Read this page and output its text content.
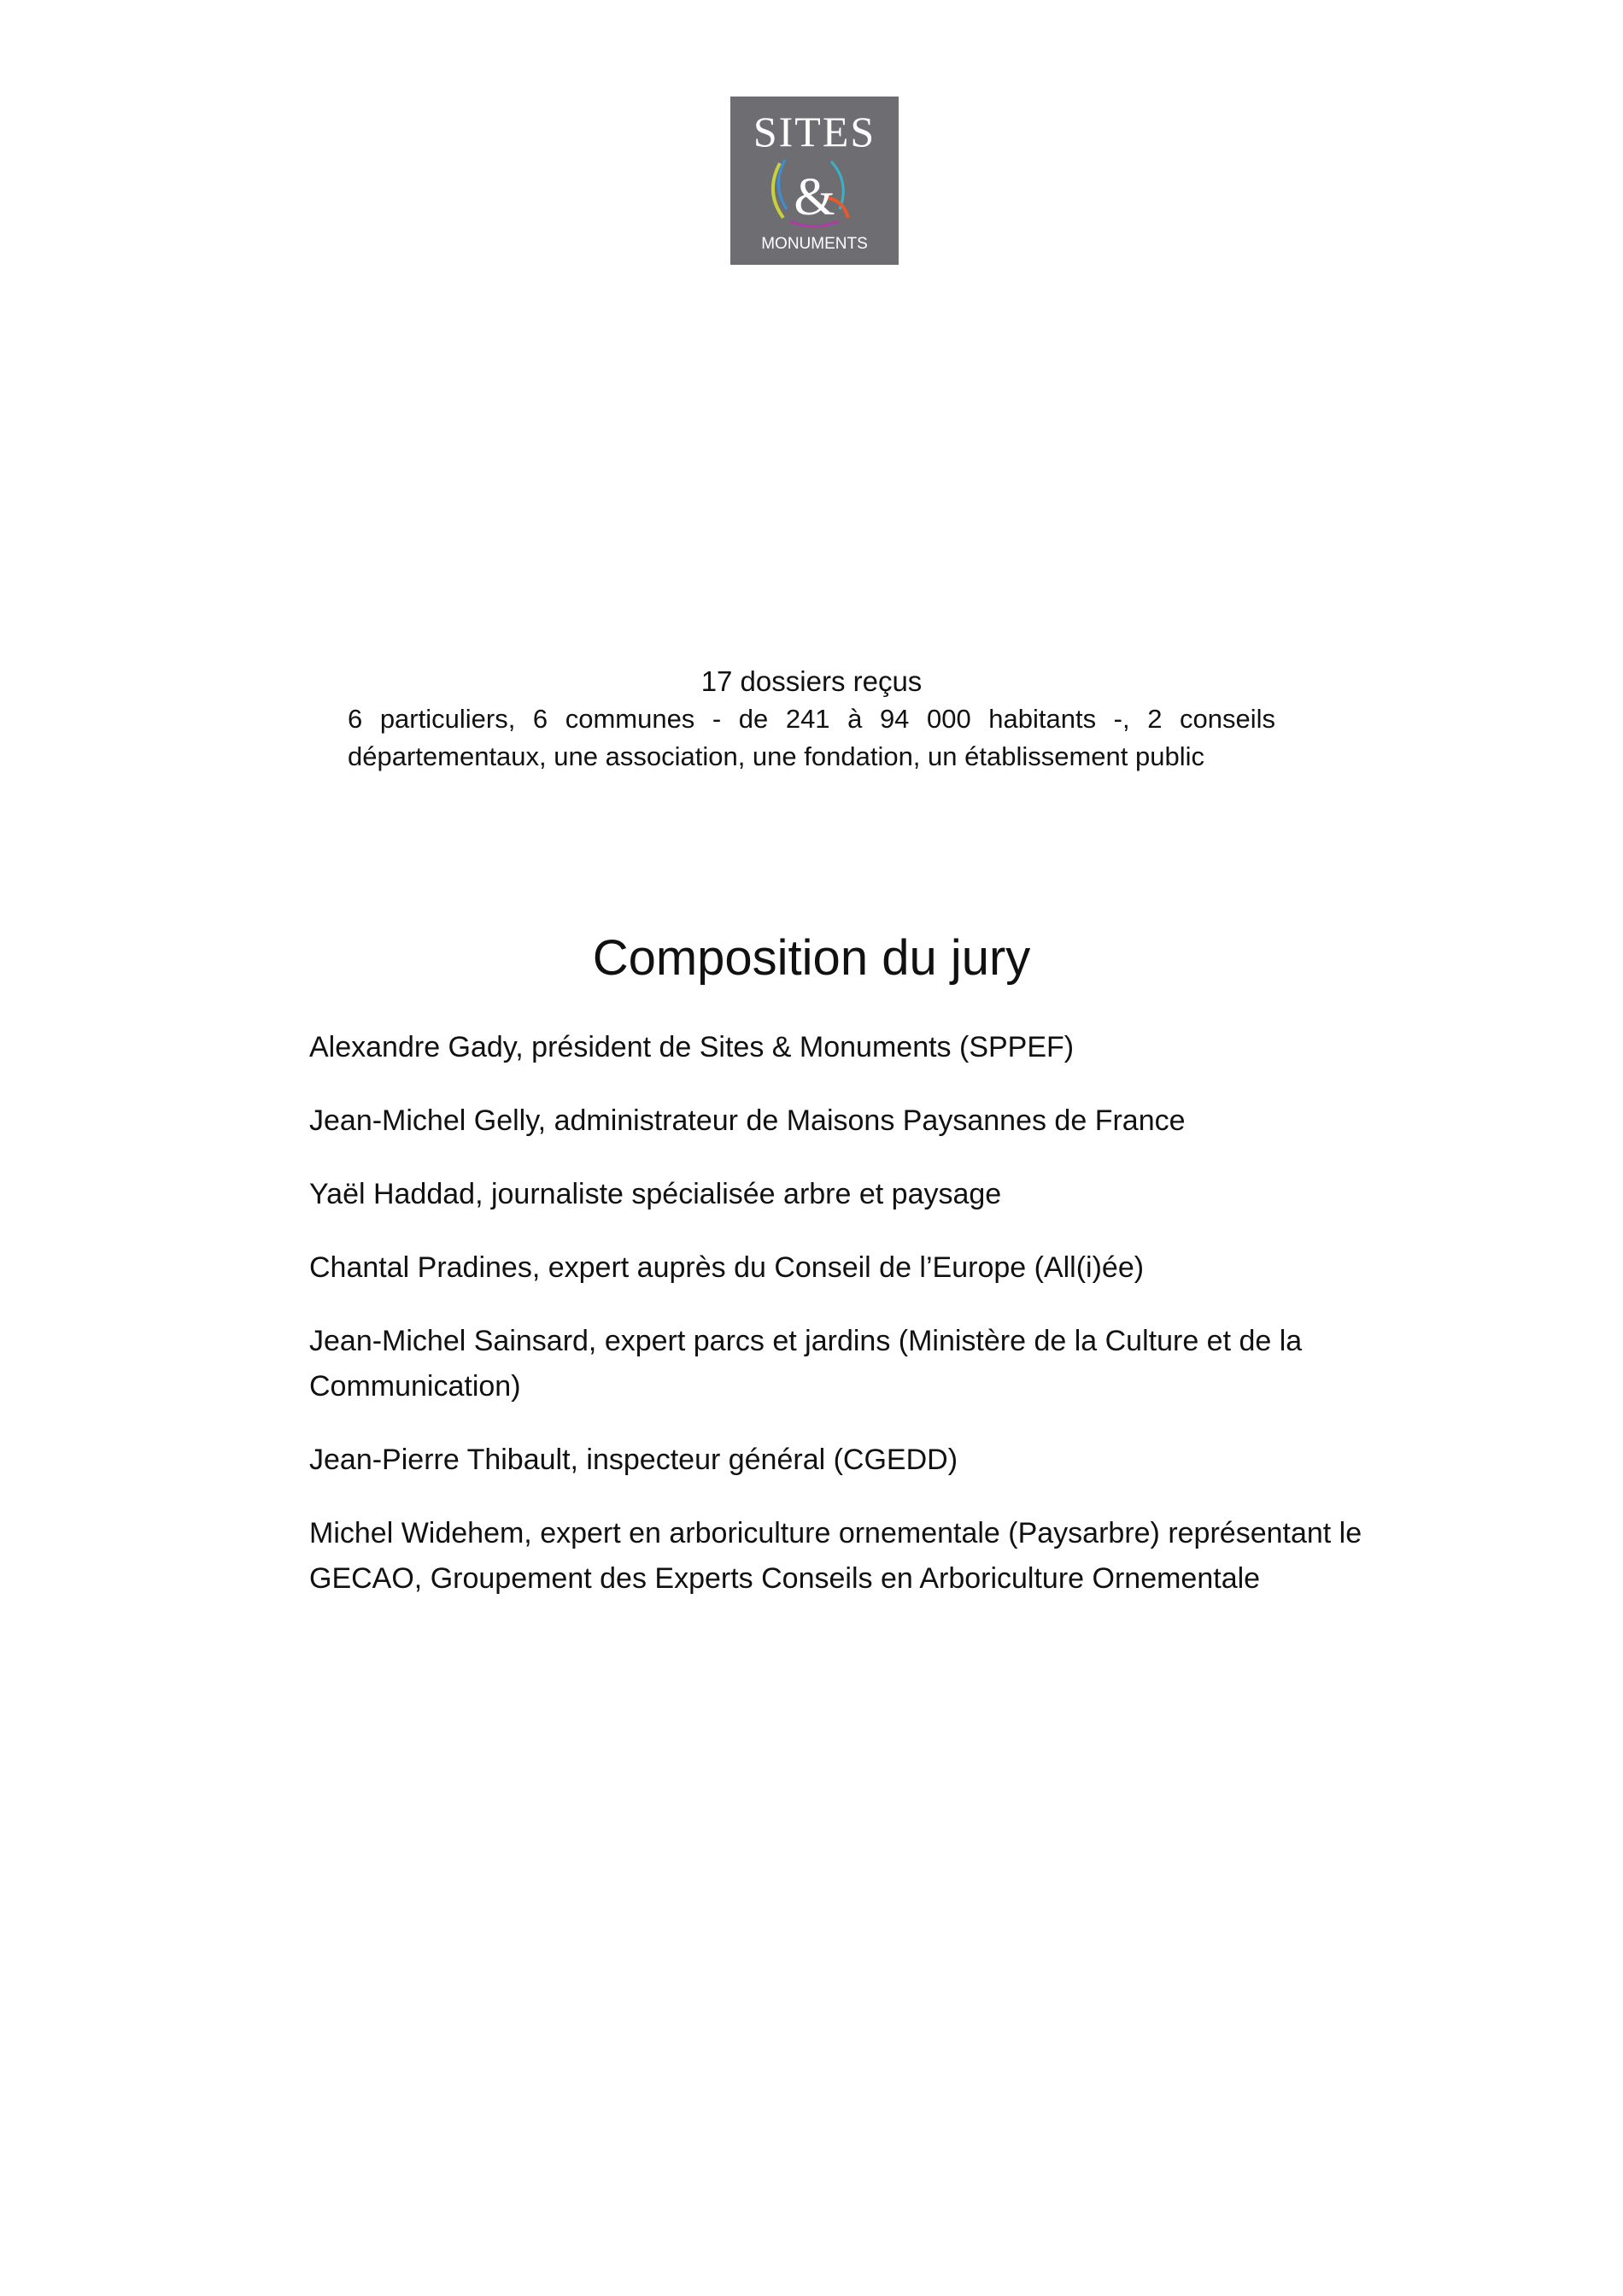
SITES
&
MONUMENTS

17 dossiers reçus

6 particuliers, 6 communes - de 241 à 94 000 habitants -, 2 conseils départementaux, une association, une fondation, un établissement public

Composition du jury
Alexandre Gady, président de Sites & Monuments (SPPEF)
Jean-Michel Gelly, administrateur de Maisons Paysannes de France
Yaël Haddad, journaliste spécialisée arbre et paysage
Chantal Pradines, expert auprès du Conseil de l’Europe (All(i)ée)
Jean-Michel Sainsard, expert parcs et jardins (Ministère de la Culture et de la Communication)
Jean-Pierre Thibault, inspecteur général (CGEDD)
Michel Widehem, expert en arboriculture ornementale (Paysarbre) représentant le GECAO, Groupement des Experts Conseils en Arboriculture Ornementale
